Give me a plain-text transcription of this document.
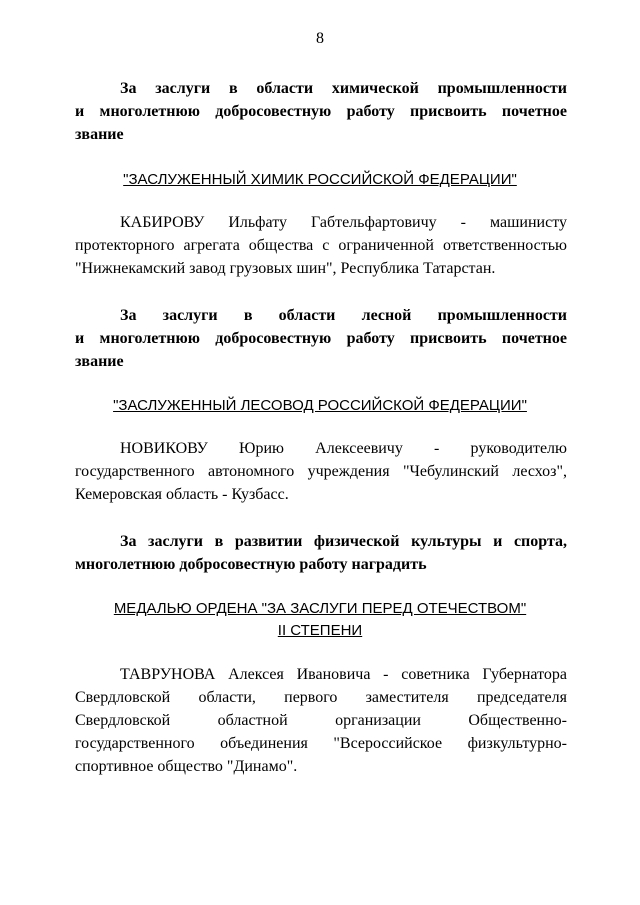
8
За заслуги в области химической промышленности
и многолетнюю добросовестную работу присвоить почетное
звание
"ЗАСЛУЖЕННЫЙ ХИМИК РОССИЙСКОЙ ФЕДЕРАЦИИ"
КАБИРОВУ Ильфату Габтельфартовичу - машинисту
протекторного агрегата общества с ограниченной ответственностью
"Нижнекамский завод грузовых шин", Республика Татарстан.
За заслуги в области лесной промышленности
и многолетнюю добросовестную работу присвоить почетное
звание
"ЗАСЛУЖЕННЫЙ ЛЕСОВОД РОССИЙСКОЙ ФЕДЕРАЦИИ"
НОВИКОВУ Юрию Алексеевичу - руководителю
государственного автономного учреждения "Чебулинский лесхоз",
Кемеровская область - Кузбасс.
За заслуги в развитии физической культуры и спорта,
многолетнюю добросовестную работу наградить
МЕДАЛЬЮ ОРДЕНА "ЗА ЗАСЛУГИ ПЕРЕД ОТЕЧЕСТВОМ"
II СТЕПЕНИ
ТАВРУНОВА Алексея Ивановича - советника Губернатора
Свердловской области, первого заместителя председателя
Свердловской областной организации Общественно-
государственного объединения "Всероссийское физкультурно-
спортивное общество "Динамо".
